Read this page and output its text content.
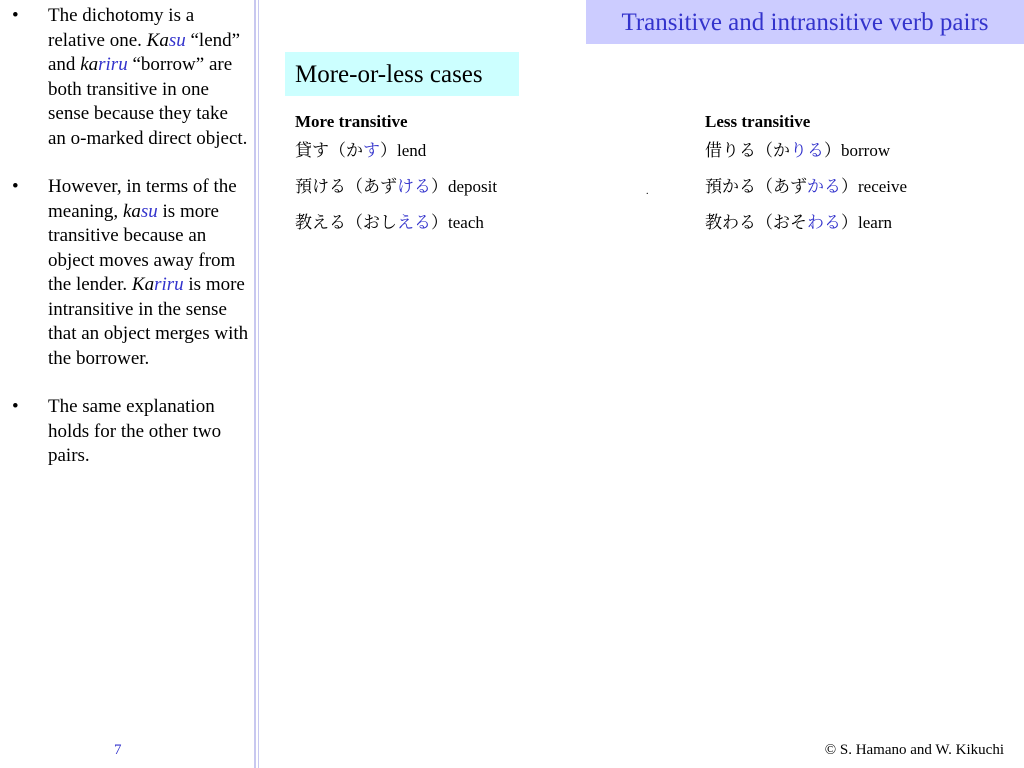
• The dichotomy is a relative one. Kasu “lend” and kariru “borrow” are both transitive in one sense because they take an o-marked direct object.
• However, in terms of the meaning, kasu is more transitive because an object moves away from the lender. Kariru is more intransitive in the sense that an object merges with the borrower.
• The same explanation holds for the other two pairs.
7
Transitive and intransitive verb pairs
More-or-less cases
More transitive
貸す（かす）lend
預ける（あずける）deposit
教える（おしえる）teach
.
Less transitive
借りる（かりる）borrow
預かる（あずかる）receive
教わる（おそわる）learn
© S. Hamano and W. Kikuchi
